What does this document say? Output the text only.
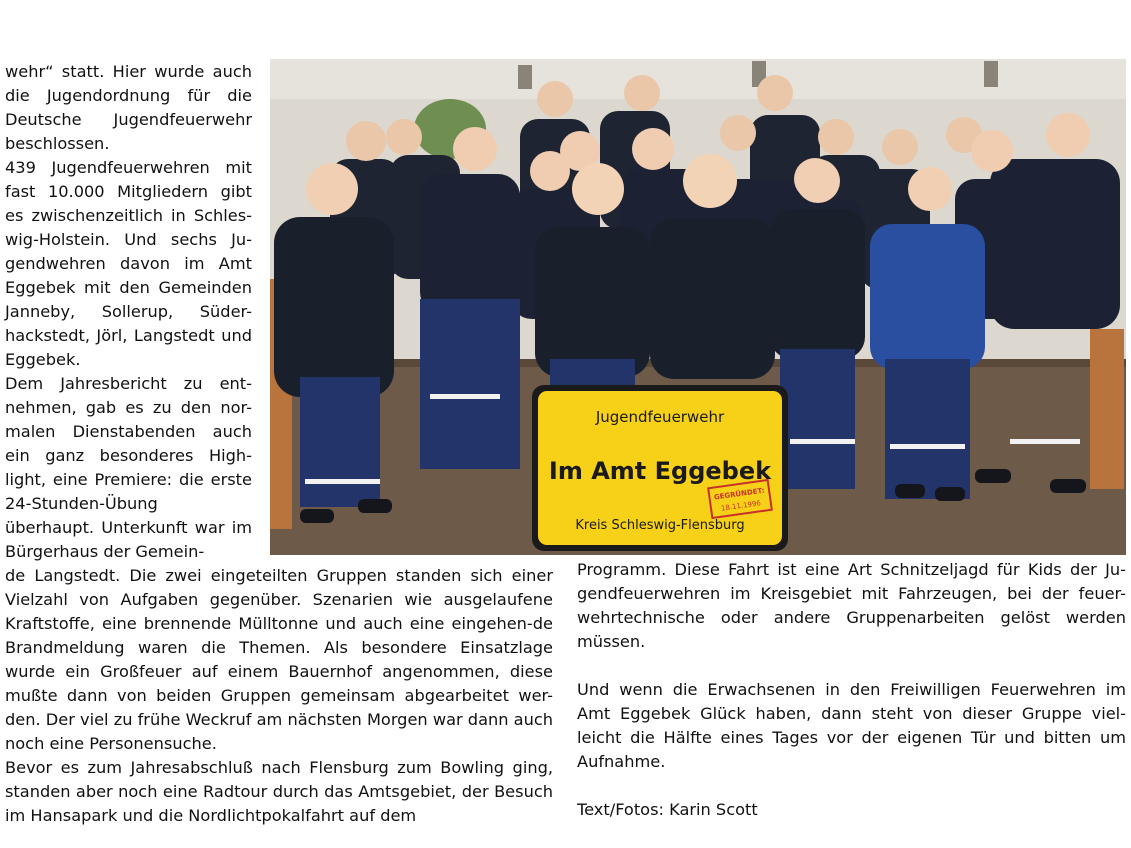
wehr“ statt. Hier wurde auch die Jugendordnung für die Deutsche Jugendfeuerwehr beschlossen.

439 Jugendfeuerwehren mit fast 10.000 Mitgliedern gibt es zwischenzeitlich in Schles-wig-Holstein. Und sechs Ju-gendwehren davon im Amt Eggebek mit den Gemeinden Janneby, Sollerup, Süder-hackstedt, Jörl, Langstedt und Eggebek.

Dem Jahresbericht zu ent-nehmen, gab es zu den nor-malen Dienstabenden auch ein ganz besonderes High-light, eine Premiere: die erste 24-Stunden-Übung überhaupt. Unterkunft war im Bürgerhaus der Gemein-

Jugendfeuerwehr
Im Amt Eggebek
Kreis Schleswig-Flensburg
GEGRÜNDET:
18.11.1996

de Langstedt. Die zwei eingeteilten Gruppen standen sich einer Vielzahl von Aufgaben gegenüber. Szenarien wie ausgelaufene Kraftstoffe, eine brennende Mülltonne und auch eine eingehen-de Brandmeldung waren die Themen. Als besondere Einsatzlage wurde ein Großfeuer auf einem Bauernhof angenommen, diese mußte dann von beiden Gruppen gemeinsam abgearbeitet wer-den. Der viel zu frühe Weckruf am nächsten Morgen war dann auch noch eine Personensuche.

Bevor es zum Jahresabschluß nach Flensburg zum Bowling ging, standen aber noch eine Radtour durch das Amtsgebiet, der Besuch im Hansapark und die Nordlichtpokalfahrt auf dem

Programm. Diese Fahrt ist eine Art Schnitzeljagd für Kids der Ju-gendfeuerwehren im Kreisgebiet mit Fahrzeugen, bei der feuer-wehrtechnische oder andere Gruppenarbeiten gelöst werden müssen.

Und wenn die Erwachsenen in den Freiwilligen Feuerwehren im Amt Eggebek Glück haben, dann steht von dieser Gruppe viel-leicht die Hälfte eines Tages vor der eigenen Tür und bitten um Aufnahme.

Text/Fotos: Karin Scott
